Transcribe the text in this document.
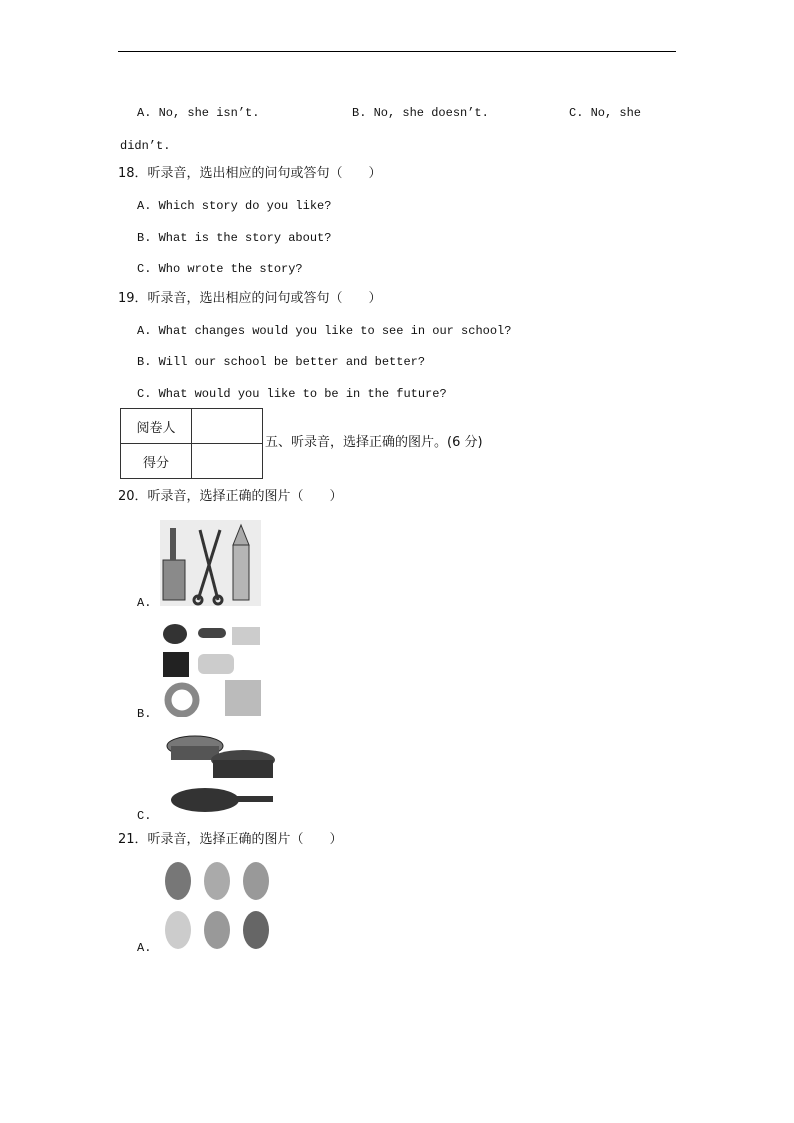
A. No, she isn’t.	B. No, she doesn’t.	C. No, she
didn’t.
18．听录音，选出相应的问句或答句（　　）
A. Which story do you like?
B. What is the story about?
C. Who wrote the story?
19．听录音，选出相应的问句或答句（　　）
A. What changes would you like to see in our school?
B. Will our school be better and better?
C. What would you like to be in the future?
阅卷人	
得分	
五、听录音，选择正确的图片。(6 分)
20．听录音，选择正确的图片（　　）
A.
B.
C.
21．听录音，选择正确的图片（　　）
A.
